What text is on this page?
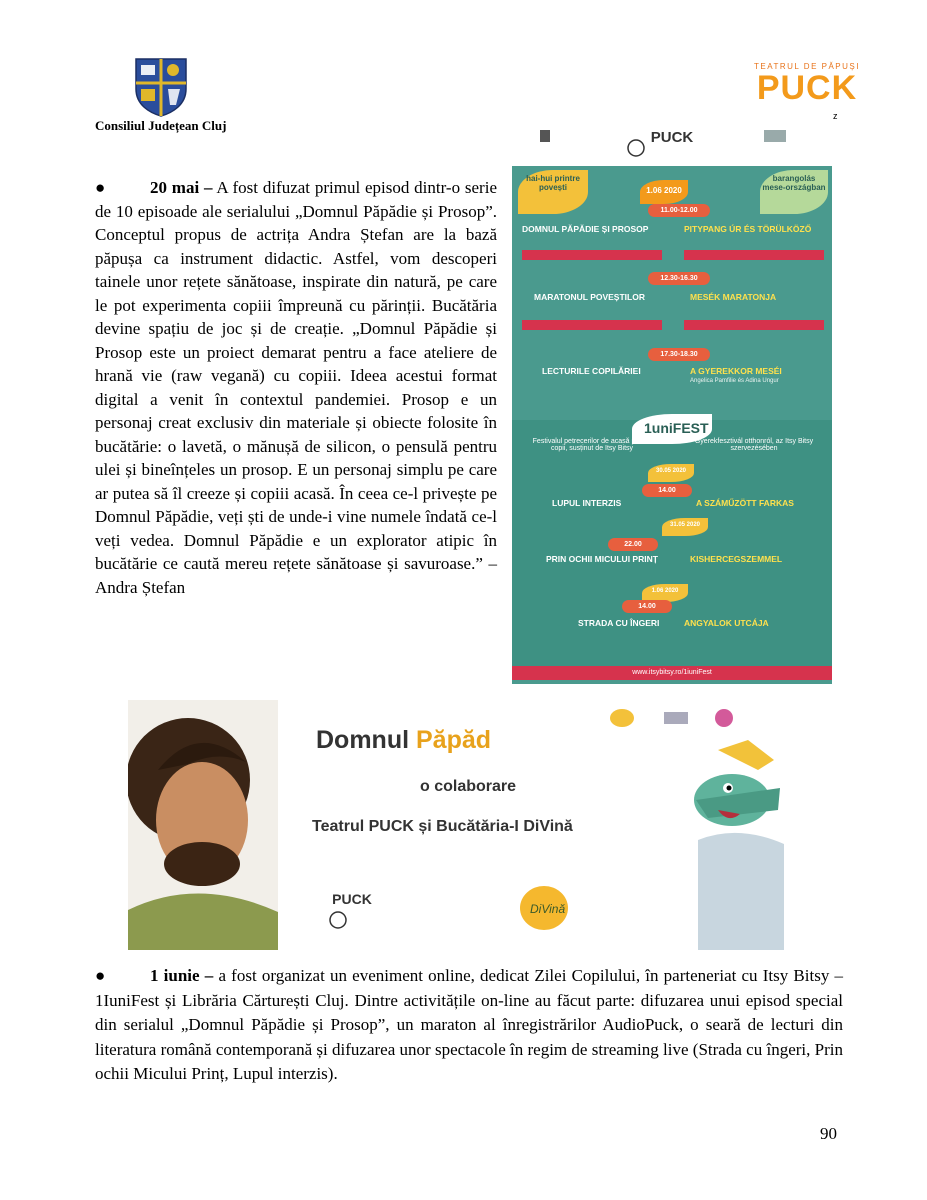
Consiliul Județean Cluj
TEATRUL DE PĂPUȘI
PUCK
z
●	20 mai – A fost difuzat primul episod dintr-o serie de 10 episoade ale serialului „Domnul Păpădie și Prosop”. Conceptul propus de actrița Andra Ștefan are la bază păpușa ca instrument didactic. Astfel, vom descoperi tainele unor rețete sănătoase, inspirate din natură, pe care le pot experimenta copiii împreună cu părinții. Bucătăria devine spațiu de joc și de creație. „Domnul Păpădie și Prosop este un proiect demarat pentru a face ateliere de hrană vie (raw vegană) cu copiii. Ideea acestui format digital a venit în contextul pandemiei. Prosop e un personaj creat exclusiv din materiale și obiecte folosite în bucătărie: o lavetă, o mănușă de silicon, o pensulă pentru ulei și bineînțeles un prosop. E un personaj simplu pe care ar putea să îl creeze și copiii acasă. În ceea ce-l privește pe Domnul Păpădie, veți ști de unde-i vine numele îndată ce-l veți vedea. Domnul Păpădie e un explorator atipic în bucătărie ce caută mereu rețete sănătoase și savuroase.” – Andra Ștefan
PUCK
hai-hui printre povești
barangolás mese-országban
1.06 2020
11.00-12.00
DOMNUL PĂPĂDIE ȘI PROSOP	PITYPANG ÚR ÉS TÖRÜLKÖZŐ
12.30-16.30
MARATONUL POVEȘTILOR	MESÉK MARATONJA
17.30-18.30
LECTURILE COPILĂRIEI	A GYEREKKOR MESÉI
Angelica Pamfilie és Adina Ungur
1uniFEST
Festivalul petrecerilor de acasă pentru copii, susținut de Itsy Bitsy
Gyerekfesztivál otthonról, az Itsy Bitsy szervezésében
30.05 2020
14.00
LUPUL INTERZIS	A SZÁMŰZÖTT FARKAS
31.05 2020
22.00
PRIN OCHII MICULUI PRINȚ	KISHERCEGSZEMMEL
1.06 2020
14.00
STRADA CU ÎNGERI	ANGYALOK UTCÁJA
www.itsybitsy.ro/1iuniFest
Domnul Păpăd
o colaborare
Teatrul PUCK și Bucătăria-I DiVină
PUCK
DiVină
●	1 iunie – a fost organizat un eveniment online, dedicat Zilei Copilului, în parteneriat cu Itsy Bitsy – 1IuniFest și Librăria Cărturești Cluj. Dintre activitățile on-line au făcut parte: difuzarea unui episod special din serialul „Domnul Păpădie și Prosop”, un maraton al înregistrărilor AudioPuck, o seară de lecturi din literatura română contemporană și difuzarea unor spectacole în regim de streaming live (Strada cu îngeri, Prin ochii Micului Prinț, Lupul interzis).
90
